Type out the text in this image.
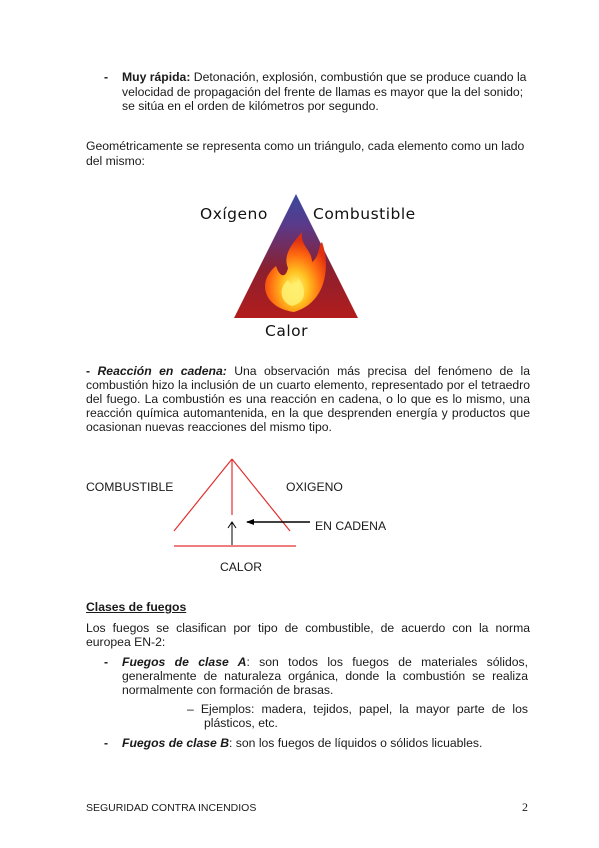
- Muy rápida: Detonación, explosión, combustión que se produce cuando la
velocidad de propagación del frente de llamas es mayor que la del sonido;
se sitúa en el orden de kilómetros por segundo.
Geométricamente se representa como un triángulo, cada elemento como un lado
del mismo:
Oxígeno	Combustible
Calor
- Reacción en cadena: Una observación más precisa del fenómeno de la
combustión hizo la inclusión de un cuarto elemento, representado por el tetraedro
del fuego. La combustión es una reacción en cadena, o lo que es lo mismo, una
reacción química automantenida, en la que desprenden energía y productos que
ocasionan nuevas reacciones del mismo tipo.
COMBUSTIBLE	OXIGENO
EN CADENA
CALOR
Clases de fuegos
Los fuegos se clasifican por tipo de combustible, de acuerdo con la norma
europea EN-2:
- Fuegos de clase A: son todos los fuegos de materiales sólidos,
generalmente de naturaleza orgánica, donde la combustión se realiza
normalmente con formación de brasas.
– Ejemplos: madera, tejidos, papel, la mayor parte de los
plásticos, etc.
- Fuegos de clase B: son los fuegos de líquidos o sólidos licuables.
SEGURIDAD CONTRA INCENDIOS	2
